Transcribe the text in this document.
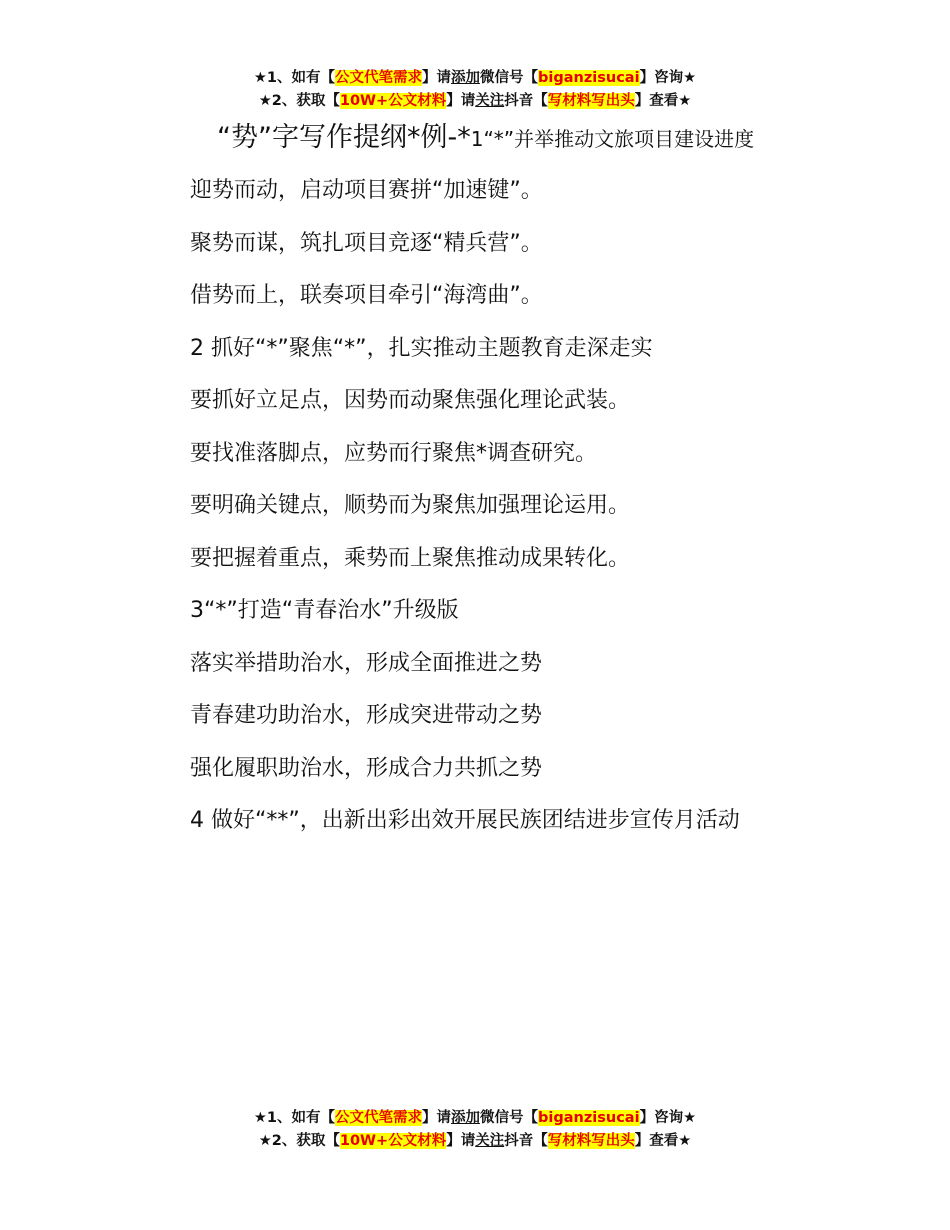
★1、如有【公文代笔需求】请添加微信号【biganzisucai】咨询★
★2、获取【10W+公文材料】请关注抖音【写材料写出头】查看★

“势”字写作提纲*例-*1“*”并举推动文旅项目建设进度

迎势而动，启动项目赛拼“加速键”。

聚势而谋，筑扎项目竞逐“精兵营”。

借势而上，联奏项目牵引“海湾曲”。

2 抓好“*”聚焦“*”，扎实推动主题教育走深走实

要抓好立足点，因势而动聚焦强化理论武装。

要找准落脚点，应势而行聚焦*调查研究。

要明确关键点，顺势而为聚焦加强理论运用。

要把握着重点，乘势而上聚焦推动成果转化。

3“*”打造“青春治水”升级版

落实举措助治水，形成全面推进之势

青春建功助治水，形成突进带动之势

强化履职助治水，形成合力共抓之势

4 做好“**”，出新出彩出效开展民族团结进步宣传月活动

★1、如有【公文代笔需求】请添加微信号【biganzisucai】咨询★
★2、获取【10W+公文材料】请关注抖音【写材料写出头】查看★
